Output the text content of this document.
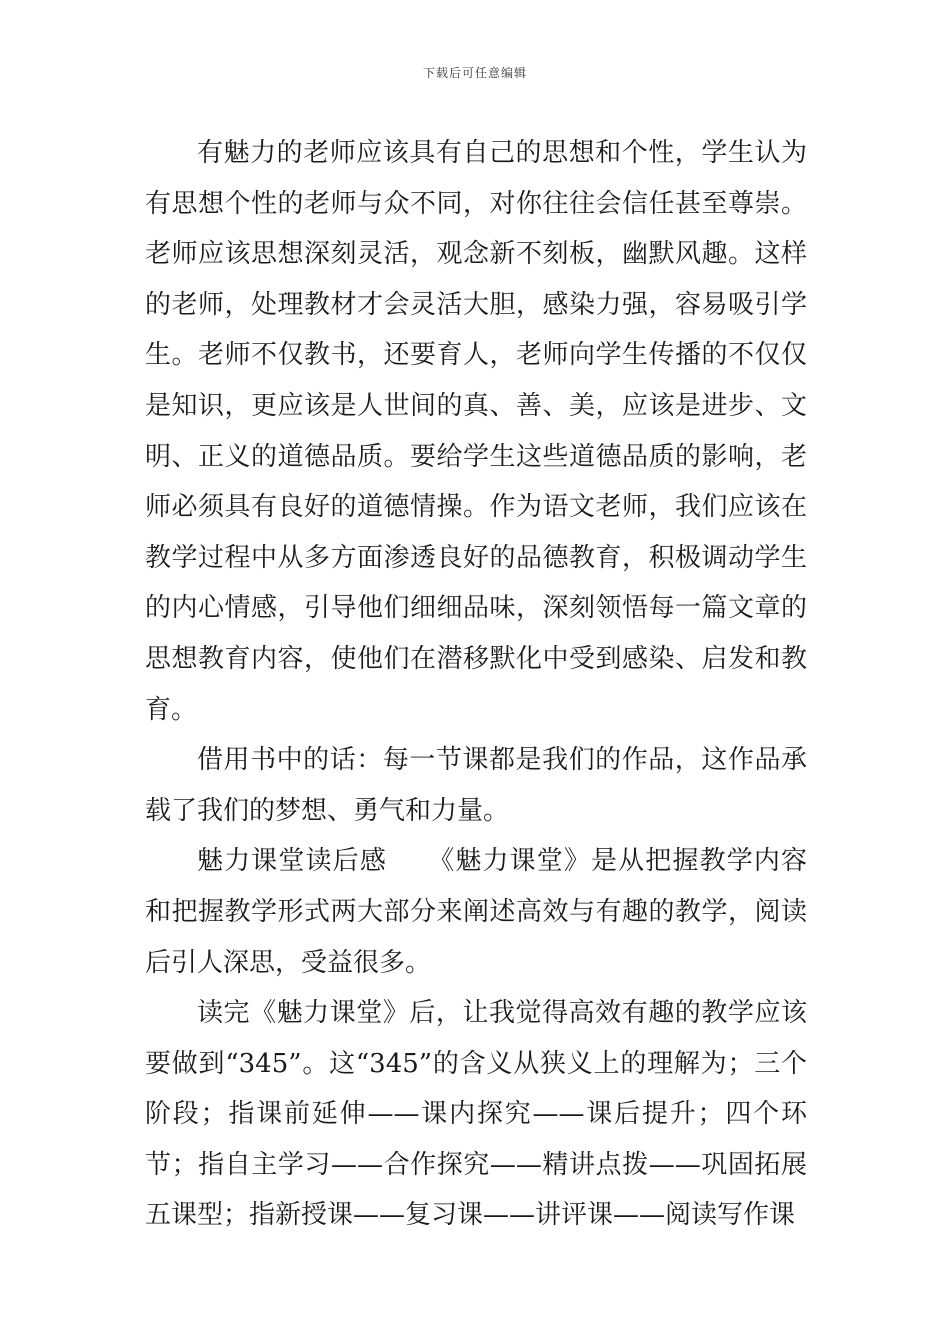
下载后可任意编辑

有魅力的老师应该具有自己的思想和个性，学生认为有思想个性的老师与众不同，对你往往会信任甚至尊崇。老师应该思想深刻灵活，观念新不刻板，幽默风趣。这样的老师，处理教材才会灵活大胆，感染力强，容易吸引学生。老师不仅教书，还要育人，老师向学生传播的不仅仅是知识，更应该是人世间的真、善、美，应该是进步、文明、正义的道德品质。要给学生这些道德品质的影响，老师必须具有良好的道德情操。作为语文老师，我们应该在教学过程中从多方面渗透良好的品德教育，积极调动学生的内心情感，引导他们细细品味，深刻领悟每一篇文章的思想教育内容，使他们在潜移默化中受到感染、启发和教育。

借用书中的话：每一节课都是我们的作品，这作品承载了我们的梦想、勇气和力量。

魅力课堂读后感　　《魅力课堂》是从把握教学内容和把握教学形式两大部分来阐述高效与有趣的教学，阅读后引人深思，受益很多。

读完《魅力课堂》后，让我觉得高效有趣的教学应该要做到“345”。这“345”的含义从狭义上的理解为；三个阶段；指课前延伸——课内探究——课后提升；四个环节；指自主学习——合作探究——精讲点拨——巩固拓展五课型；指新授课——复习课——讲评课——阅读写作课
